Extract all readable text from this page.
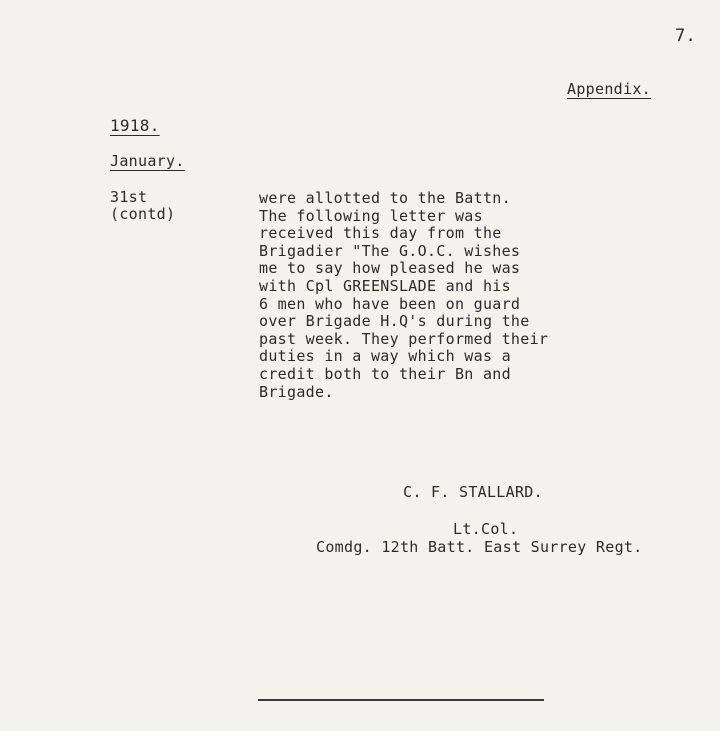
7.
Appendix.
1918.
January.
31st
(contd)
were allotted to the Battn.
The following letter was
received this day from the
Brigadier "The G.O.C. wishes
me to say how pleased he was
with Cpl GREENSLADE and his
6 men who have been on guard
over Brigade H.Q's during the
past week. They performed their
duties in a way which was a
credit both to their Bn and
Brigade.
C. F. STALLARD.
Lt.Col.
Comdg. 12th Batt. East Surrey Regt.
